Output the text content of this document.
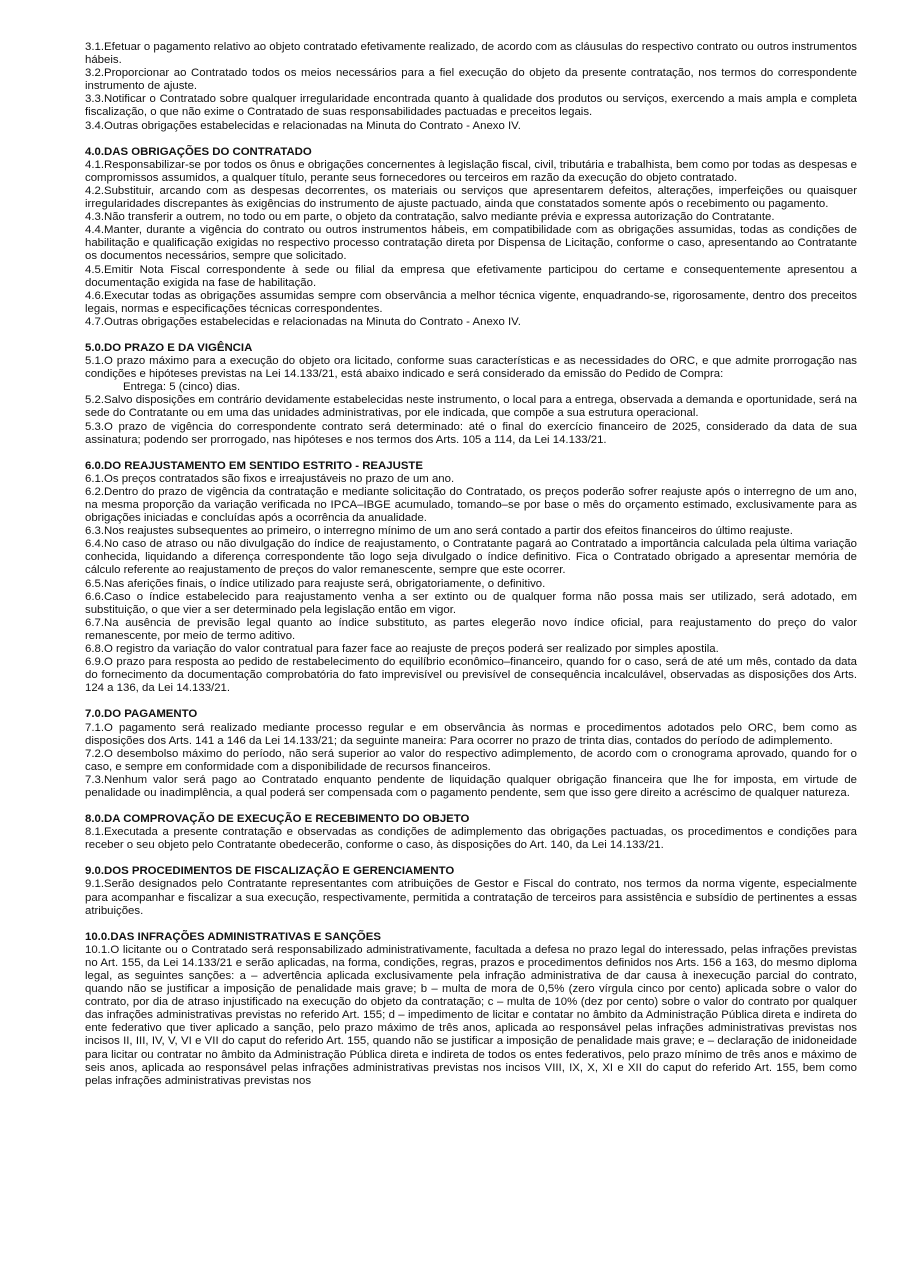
3.1.Efetuar o pagamento relativo ao objeto contratado efetivamente realizado, de acordo com as cláusulas do respectivo contrato ou outros instrumentos hábeis.

3.2.Proporcionar ao Contratado todos os meios necessários para a fiel execução do objeto da presente contratação, nos termos do correspondente instrumento de ajuste.

3.3.Notificar o Contratado sobre qualquer irregularidade encontrada quanto à qualidade dos produtos ou serviços, exercendo a mais ampla e completa fiscalização, o que não exime o Contratado de suas responsabilidades pactuadas e preceitos legais.

3.4.Outras obrigações estabelecidas e relacionadas na Minuta do Contrato - Anexo IV.

4.0.DAS OBRIGAÇÕES DO CONTRATADO

4.1.Responsabilizar-se por todos os ônus e obrigações concernentes à legislação fiscal, civil, tributária e trabalhista, bem como por todas as despesas e compromissos assumidos, a qualquer título, perante seus fornecedores ou terceiros em razão da execução do objeto contratado.

4.2.Substituir, arcando com as despesas decorrentes, os materiais ou serviços que apresentarem defeitos, alterações, imperfeições ou quaisquer irregularidades discrepantes às exigências do instrumento de ajuste pactuado, ainda que constatados somente após o recebimento ou pagamento.

4.3.Não transferir a outrem, no todo ou em parte, o objeto da contratação, salvo mediante prévia e expressa autorização do Contratante.

4.4.Manter, durante a vigência do contrato ou outros instrumentos hábeis, em compatibilidade com as obrigações assumidas, todas as condições de habilitação e qualificação exigidas no respectivo processo contratação direta por Dispensa de Licitação, conforme o caso, apresentando ao Contratante os documentos necessários, sempre que solicitado.

4.5.Emitir Nota Fiscal correspondente à sede ou filial da empresa que efetivamente participou do certame e consequentemente apresentou a documentação exigida na fase de habilitação.

4.6.Executar todas as obrigações assumidas sempre com observância a melhor técnica vigente, enquadrando-se, rigorosamente, dentro dos preceitos legais, normas e especificações técnicas correspondentes.

4.7.Outras obrigações estabelecidas e relacionadas na Minuta do Contrato - Anexo IV.

5.0.DO PRAZO E DA VIGÊNCIA

5.1.O prazo máximo para a execução do objeto ora licitado, conforme suas características e as necessidades do ORC, e que admite prorrogação nas condições e hipóteses previstas na Lei 14.133/21, está abaixo indicado e será considerado da emissão do Pedido de Compra:

Entrega: 5 (cinco) dias.

5.2.Salvo disposições em contrário devidamente estabelecidas neste instrumento, o local para a entrega, observada a demanda e oportunidade, será na sede do Contratante ou em uma das unidades administrativas, por ele indicada, que compõe a sua estrutura operacional.

5.3.O prazo de vigência do correspondente contrato será determinado: até o final do exercício financeiro de 2025, considerado da data de sua assinatura; podendo ser prorrogado, nas hipóteses e nos termos dos Arts. 105 a 114, da Lei 14.133/21.

6.0.DO REAJUSTAMENTO EM SENTIDO ESTRITO - REAJUSTE

6.1.Os preços contratados são fixos e irreajustáveis no prazo de um ano.

6.2.Dentro do prazo de vigência da contratação e mediante solicitação do Contratado, os preços poderão sofrer reajuste após o interregno de um ano, na mesma proporção da variação verificada no IPCA–IBGE acumulado, tomando–se por base o mês do orçamento estimado, exclusivamente para as obrigações iniciadas e concluídas após a ocorrência da anualidade.

6.3.Nos reajustes subsequentes ao primeiro, o interregno mínimo de um ano será contado a partir dos efeitos financeiros do último reajuste.

6.4.No caso de atraso ou não divulgação do índice de reajustamento, o Contratante pagará ao Contratado a importância calculada pela última variação conhecida, liquidando a diferença correspondente tão logo seja divulgado o índice definitivo. Fica o Contratado obrigado a apresentar memória de cálculo referente ao reajustamento de preços do valor remanescente, sempre que este ocorrer.

6.5.Nas aferições finais, o índice utilizado para reajuste será, obrigatoriamente, o definitivo.

6.6.Caso o índice estabelecido para reajustamento venha a ser extinto ou de qualquer forma não possa mais ser utilizado, será adotado, em substituição, o que vier a ser determinado pela legislação então em vigor.

6.7.Na ausência de previsão legal quanto ao índice substituto, as partes elegerão novo índice oficial, para reajustamento do preço do valor remanescente, por meio de termo aditivo.

6.8.O registro da variação do valor contratual para fazer face ao reajuste de preços poderá ser realizado por simples apostila.

6.9.O prazo para resposta ao pedido de restabelecimento do equilíbrio econômico–financeiro, quando for o caso, será de até um mês, contado da data do fornecimento da documentação comprobatória do fato imprevisível ou previsível de consequência incalculável, observadas as disposições dos Arts. 124 a 136, da Lei 14.133/21.

7.0.DO PAGAMENTO

7.1.O pagamento será realizado mediante processo regular e em observância às normas e procedimentos adotados pelo ORC, bem como as disposições dos Arts. 141 a 146 da Lei 14.133/21; da seguinte maneira: Para ocorrer no prazo de trinta dias, contados do período de adimplemento.

7.2.O desembolso máximo do período, não será superior ao valor do respectivo adimplemento, de acordo com o cronograma aprovado, quando for o caso, e sempre em conformidade com a disponibilidade de recursos financeiros.

7.3.Nenhum valor será pago ao Contratado enquanto pendente de liquidação qualquer obrigação financeira que lhe for imposta, em virtude de penalidade ou inadimplência, a qual poderá ser compensada com o pagamento pendente, sem que isso gere direito a acréscimo de qualquer natureza.

8.0.DA COMPROVAÇÃO DE EXECUÇÃO E RECEBIMENTO DO OBJETO

8.1.Executada a presente contratação e observadas as condições de adimplemento das obrigações pactuadas, os procedimentos e condições para receber o seu objeto pelo Contratante obedecerão, conforme o caso, às disposições do Art. 140, da Lei 14.133/21.

9.0.DOS PROCEDIMENTOS DE FISCALIZAÇÃO E GERENCIAMENTO

9.1.Serão designados pelo Contratante representantes com atribuições de Gestor e Fiscal do contrato, nos termos da norma vigente, especialmente para acompanhar e fiscalizar a sua execução, respectivamente, permitida a contratação de terceiros para assistência e subsídio de pertinentes a essas atribuições.

10.0.DAS INFRAÇÕES ADMINISTRATIVAS E SANÇÕES

10.1.O licitante ou o Contratado será responsabilizado administrativamente, facultada a defesa no prazo legal do interessado, pelas infrações previstas no Art. 155, da Lei 14.133/21 e serão aplicadas, na forma, condições, regras, prazos e procedimentos definidos nos Arts. 156 a 163, do mesmo diploma legal, as seguintes sanções: a – advertência aplicada exclusivamente pela infração administrativa de dar causa à inexecução parcial do contrato, quando não se justificar a imposição de penalidade mais grave; b – multa de mora de 0,5% (zero vírgula cinco por cento) aplicada sobre o valor do contrato, por dia de atraso injustificado na execução do objeto da contratação; c – multa de 10% (dez por cento) sobre o valor do contrato por qualquer das infrações administrativas previstas no referido Art. 155; d – impedimento de licitar e contatar no âmbito da Administração Pública direta e indireta do ente federativo que tiver aplicado a sanção, pelo prazo máximo de três anos, aplicada ao responsável pelas infrações administrativas previstas nos incisos II, III, IV, V, VI e VII do caput do referido Art. 155, quando não se justificar a imposição de penalidade mais grave; e – declaração de inidoneidade para licitar ou contratar no âmbito da Administração Pública direta e indireta de todos os entes federativos, pelo prazo mínimo de três anos e máximo de seis anos, aplicada ao responsável pelas infrações administrativas previstas nos incisos VIII, IX, X, XI e XII do caput do referido Art. 155, bem como pelas infrações administrativas previstas nos
